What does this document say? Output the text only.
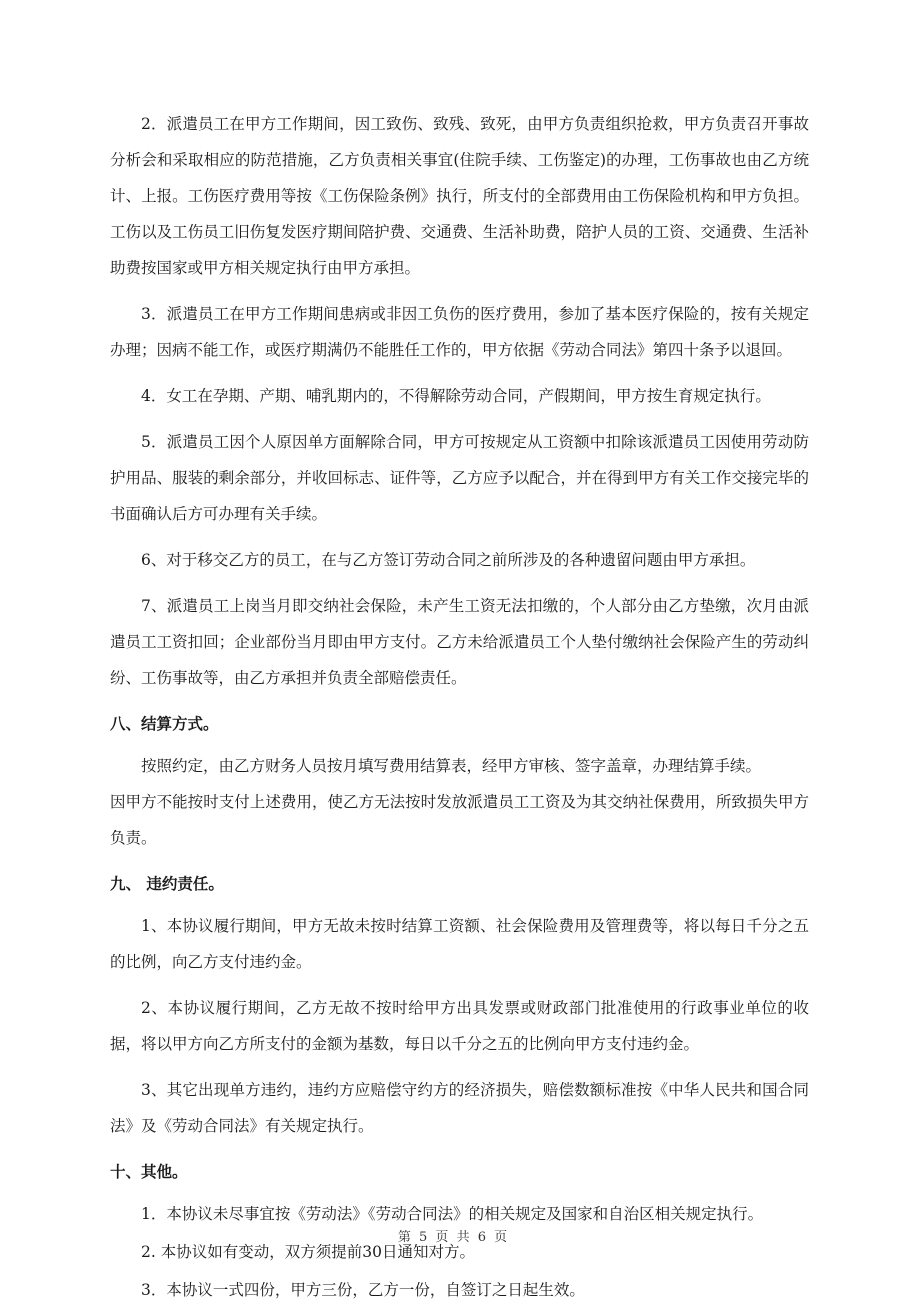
2．派遣员工在甲方工作期间，因工致伤、致残、致死，由甲方负责组织抢救，甲方负责召开事故分析会和采取相应的防范措施，乙方负责相关事宜(住院手续、工伤鉴定)的办理，工伤事故也由乙方统计、上报。工伤医疗费用等按《工伤保险条例》执行，所支付的全部费用由工伤保险机构和甲方负担。工伤以及工伤员工旧伤复发医疗期间陪护费、交通费、生活补助费，陪护人员的工资、交通费、生活补助费按国家或甲方相关规定执行由甲方承担。

3．派遣员工在甲方工作期间患病或非因工负伤的医疗费用，参加了基本医疗保险的，按有关规定办理；因病不能工作，或医疗期满仍不能胜任工作的，甲方依据《劳动合同法》第四十条予以退回。

4．女工在孕期、产期、哺乳期内的，不得解除劳动合同，产假期间，甲方按生育规定执行。

5．派遣员工因个人原因单方面解除合同，甲方可按规定从工资额中扣除该派遣员工因使用劳动防护用品、服装的剩余部分，并收回标志、证件等，乙方应予以配合，并在得到甲方有关工作交接完毕的书面确认后方可办理有关手续。

6、对于移交乙方的员工，在与乙方签订劳动合同之前所涉及的各种遗留问题由甲方承担。

7、派遣员工上岗当月即交纳社会保险，未产生工资无法扣缴的，个人部分由乙方垫缴，次月由派遣员工工资扣回；企业部份当月即由甲方支付。乙方未给派遣员工个人垫付缴纳社会保险产生的劳动纠纷、工伤事故等，由乙方承担并负责全部赔偿责任。

八、结算方式。

按照约定，由乙方财务人员按月填写费用结算表，经甲方审核、签字盖章，办理结算手续。

因甲方不能按时支付上述费用，使乙方无法按时发放派遣员工工资及为其交纳社保费用，所致损失甲方负责。

九、 违约责任。

1、本协议履行期间，甲方无故未按时结算工资额、社会保险费用及管理费等，将以每日千分之五的比例，向乙方支付违约金。

2、本协议履行期间，乙方无故不按时给甲方出具发票或财政部门批准使用的行政事业单位的收据，将以甲方向乙方所支付的金额为基数，每日以千分之五的比例向甲方支付违约金。

3、其它出现单方违约，违约方应赔偿守约方的经济损失，赔偿数额标准按《中华人民共和国合同法》及《劳动合同法》有关规定执行。

十、其他。

1．本协议未尽事宜按《劳动法》《劳动合同法》的相关规定及国家和自治区相关规定执行。

2. 本协议如有变动，双方须提前30日通知对方。

3．本协议一式四份，甲方三份，乙方一份，自签订之日起生效。

第 5 页 共 6 页
